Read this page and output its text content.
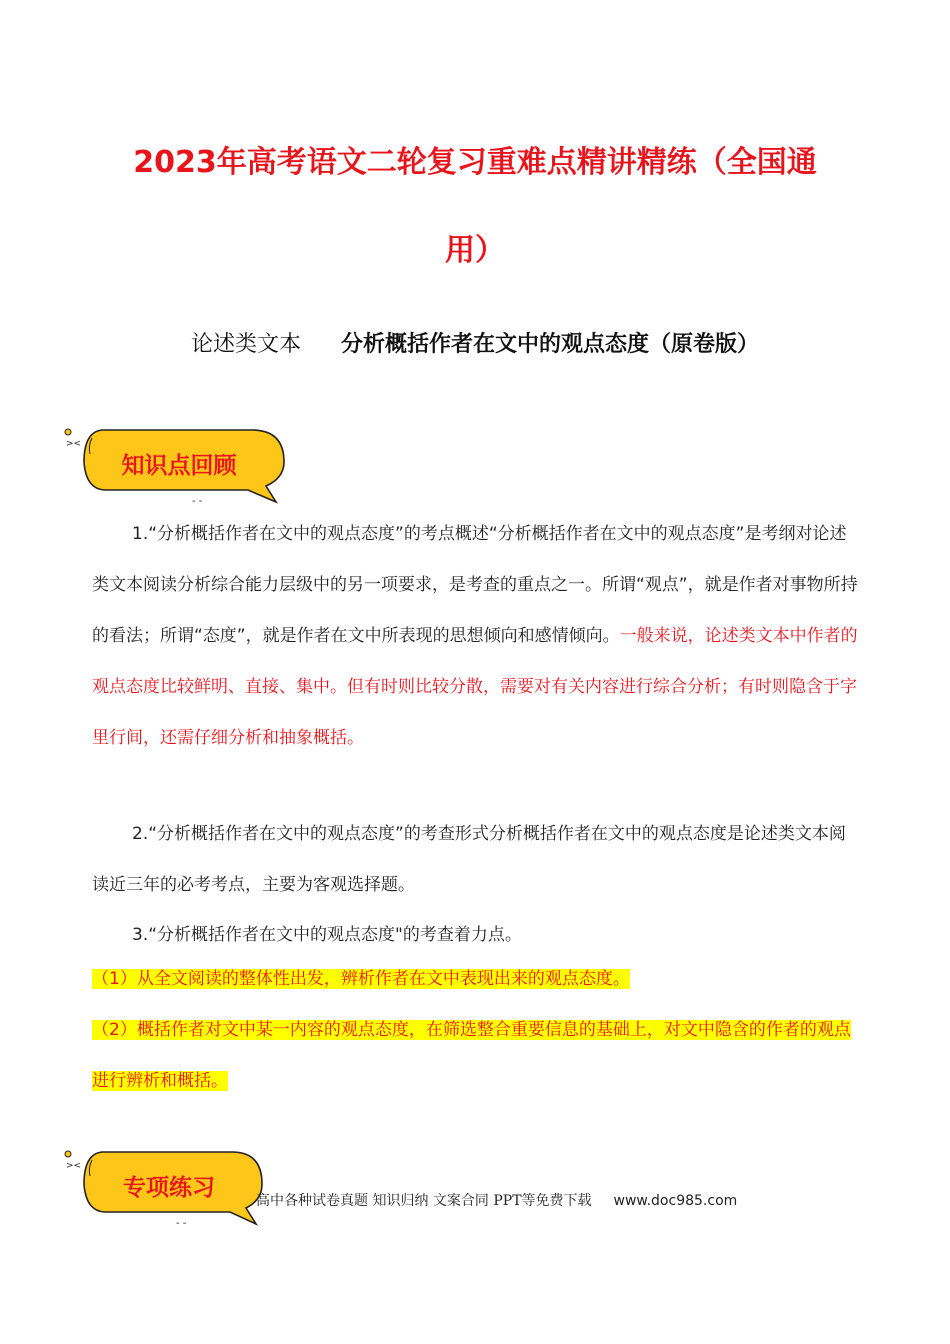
2023年高考语文二轮复习重难点精讲精练（全国通
用）
论述类文本 分析概括作者在文中的观点态度（原卷版）
><
- -
知识点回顾

1.“分析概括作者在文中的观点态度”的考点概述“分析概括作者在文中的观点态度”是考纲对论述类文本阅读分析综合能力层级中的另一项要求，是考查的重点之一。所谓“观点”，就是作者对事物所持的看法；所谓“态度”，就是作者在文中所表现的思想倾向和感情倾向。一般来说，论述类文本中作者的观点态度比较鲜明、直接、集中。但有时则比较分散，需要对有关内容进行综合分析；有时则隐含于字里行间，还需仔细分析和抽象概括。

2.“分析概括作者在文中的观点态度”的考查形式分析概括作者在文中的观点态度是论述类文本阅读近三年的必考考点，主要为客观选择题。

3.“分析概括作者在文中的观点态度"的考查着力点。

（1）从全文阅读的整体性出发，辨析作者在文中表现出来的观点态度。

（2）概括作者对文中某一内容的观点态度，在筛选整合重要信息的基础上，对文中隐含的作者的观点进行辨析和概括。

><
- -
专项练习	高中各种试卷真题 知识归纳 文案合同 PPT等免费下载 www.doc985.com
